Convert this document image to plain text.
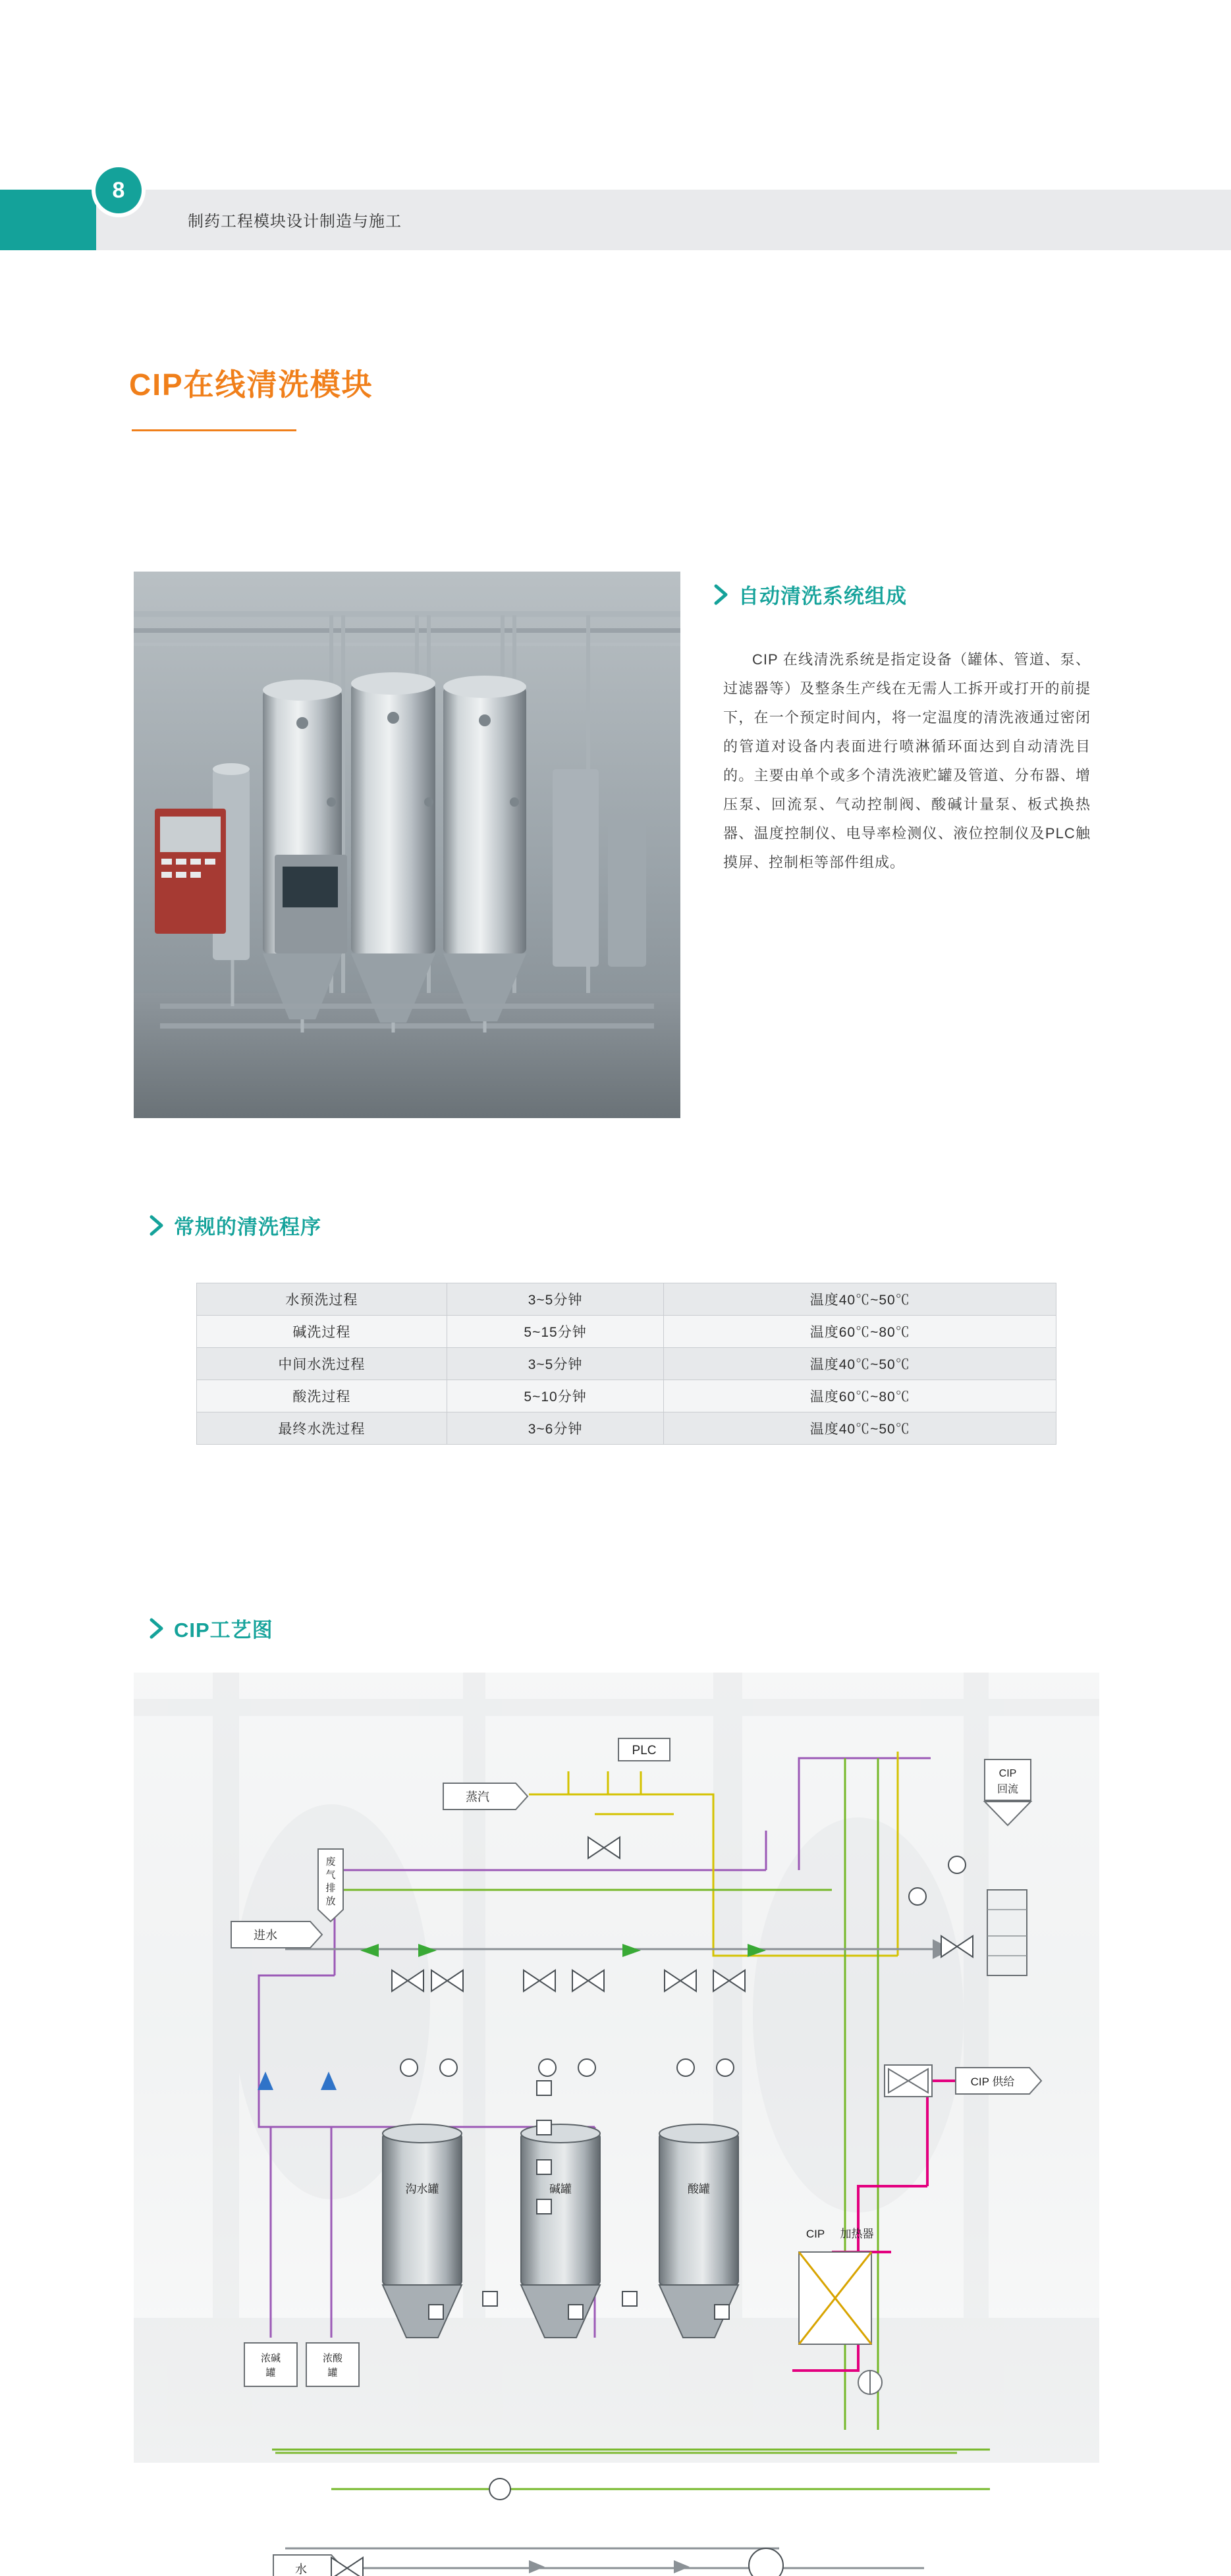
8
制药工程模块设计制造与施工
CIP在线清洗模块
自动清洗系统组成
CIP 在线清洗系统是指定设备（罐体、管道、泵、过滤器等）及整条生产线在无需人工拆开或打开的前提下，在一个预定时间内，将一定温度的清洗液通过密闭的管道对设备内表面进行喷淋循环面达到自动清洗目的。主要由单个或多个清洗液贮罐及管道、分布器、增压泵、回流泵、气动控制阀、酸碱计量泵、板式换热器、温度控制仪、电导率检测仪、液位控制仪及PLC触摸屏、控制柜等部件组成。
常规的清洗程序
水预洗过程	3~5分钟	温度40℃~50℃
碱洗过程	5~15分钟	温度60℃~80℃
中间水洗过程	3~5分钟	温度40℃~50℃
酸洗过程	5~10分钟	温度60℃~80℃
最终水洗过程	3~6分钟	温度40℃~50℃
CIP工艺图
废
气
排
放
进水
蒸汽
PLC
CIP
回流
CIP 供给
水
浓碱
罐
浓酸
罐
沟水罐	碱罐	酸罐
CIP 加热器
